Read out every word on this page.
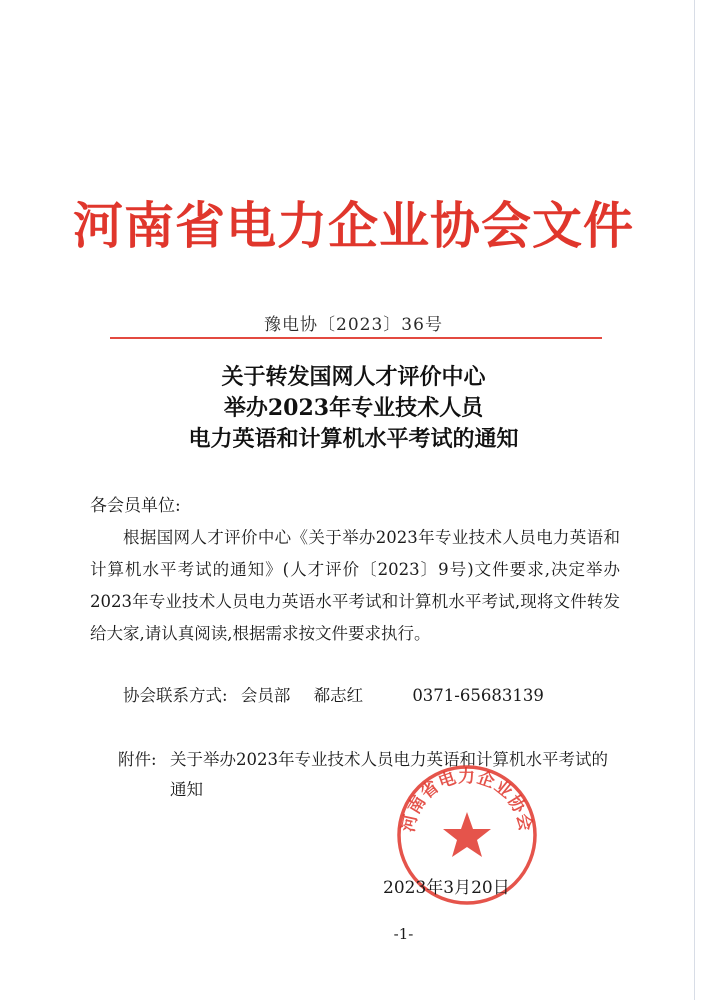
河南省电力企业协会文件
豫电协〔2023〕36号
关于转发国网人才评价中心
举办2023年专业技术人员
电力英语和计算机水平考试的通知
各会员单位:
根据国网人才评价中心《关于举办2023年专业技术人员电力英语和计算机水平考试的通知》(人才评价〔2023〕9号)文件要求,决定举办2023年专业技术人员电力英语水平考试和计算机水平考试,现将文件转发给大家,请认真阅读,根据需求按文件要求执行。
协会联系方式: 会员部 郗志红	0371-65683139
附件: 关于举办2023年专业技术人员电力英语和计算机水平考试的通知
河南省电力企业协会
2023年3月20日
-1-
